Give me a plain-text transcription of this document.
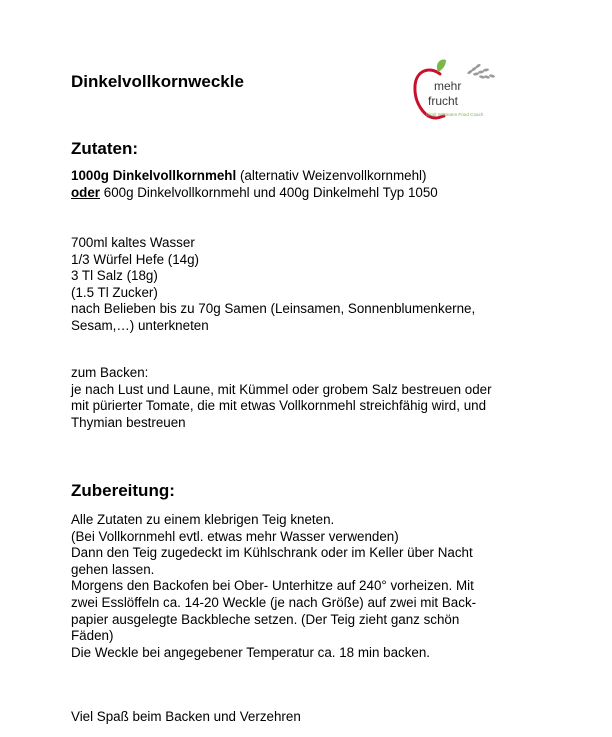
Dinkelvollkornweckle	mehr
frucht
Birgit Wittmann Food Coach
Zutaten:
1000g Dinkelvollkornmehl (alternativ Weizenvollkornmehl)
oder 600g Dinkelvollkornmehl und 400g Dinkelmehl Typ 1050
700ml kaltes Wasser
1/3 Würfel Hefe (14g)
3 Tl Salz (18g)
(1.5 Tl Zucker)
nach Belieben bis zu 70g Samen (Leinsamen, Sonnenblumenkerne,
Sesam,…) unterkneten
zum Backen:
je nach Lust und Laune, mit Kümmel oder grobem Salz bestreuen oder
mit pürierter Tomate, die mit etwas Vollkornmehl streichfähig wird, und
Thymian bestreuen
Zubereitung:
Alle Zutaten zu einem klebrigen Teig kneten.
(Bei Vollkornmehl evtl. etwas mehr Wasser verwenden)
Dann den Teig zugedeckt im Kühlschrank oder im Keller über Nacht
gehen lassen.
Morgens den Backofen bei Ober- Unterhitze auf 240° vorheizen. Mit
zwei Esslöffeln ca. 14-20 Weckle (je nach Größe) auf zwei mit Back-
papier ausgelegte Backbleche setzen. (Der Teig zieht ganz schön
Fäden)
Die Weckle bei angegebener Temperatur ca. 18 min backen.
Viel Spaß beim Backen und Verzehren
